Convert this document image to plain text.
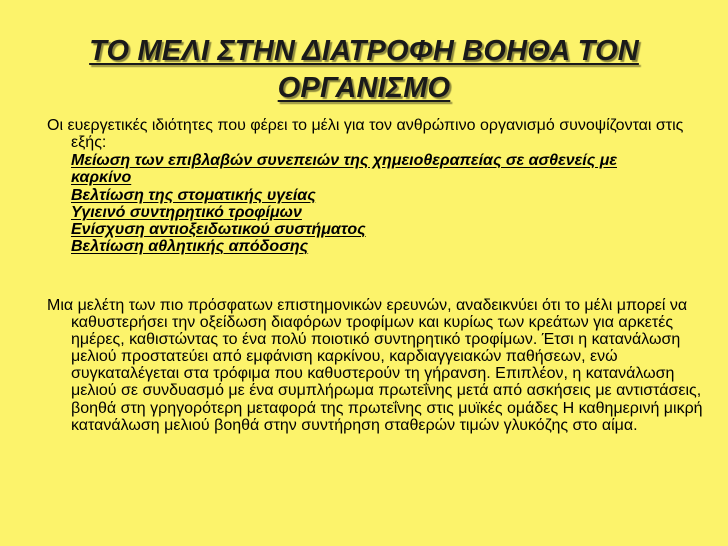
ΤΟ ΜΕΛΙ ΣΤΗΝ ΔΙΑΤΡΟΦΗ ΒΟΗΘΑ ΤΟΝ ΟΡΓΑΝΙΣΜΟ
Οι ευεργετικές ιδιότητες που φέρει το μέλι για τον ανθρώπινο οργανισμό συνοψίζονται στις εξής:
Μείωση των επιβλαβών συνεπειών της χημειοθεραπείας σε ασθενείς με καρκίνο
Βελτίωση της στοματικής υγείας
Υγιεινό συντηρητικό τροφίμων
Ενίσχυση αντιοξειδωτικού συστήματος
Βελτίωση αθλητικής απόδοσης
Μια μελέτη των πιο πρόσφατων επιστημονικών ερευνών, αναδεικνύει ότι το μέλι μπορεί να καθυστερήσει την οξείδωση διαφόρων τροφίμων και κυρίως των κρεάτων για αρκετές ημέρες, καθιστώντας το ένα πολύ ποιοτικό συντηρητικό τροφίμων. Έτσι η κατανάλωση μελιού προστατεύει από εμφάνιση καρκίνου, καρδιαγγειακών παθήσεων, ενώ συγκαταλέγεται στα τρόφιμα που καθυστερούν τη γήρανση. Επιπλέον, η κατανάλωση μελιού σε συνδυασμό με ένα συμπλήρωμα πρωτεΐνης μετά από ασκήσεις με αντιστάσεις, βοηθά στη γρηγορότερη μεταφορά της πρωτεΐνης στις μυϊκές ομάδες Η καθημερινή μικρή κατανάλωση μελιού βοηθά στην συντήρηση σταθερών τιμών γλυκόζης στο αίμα.
